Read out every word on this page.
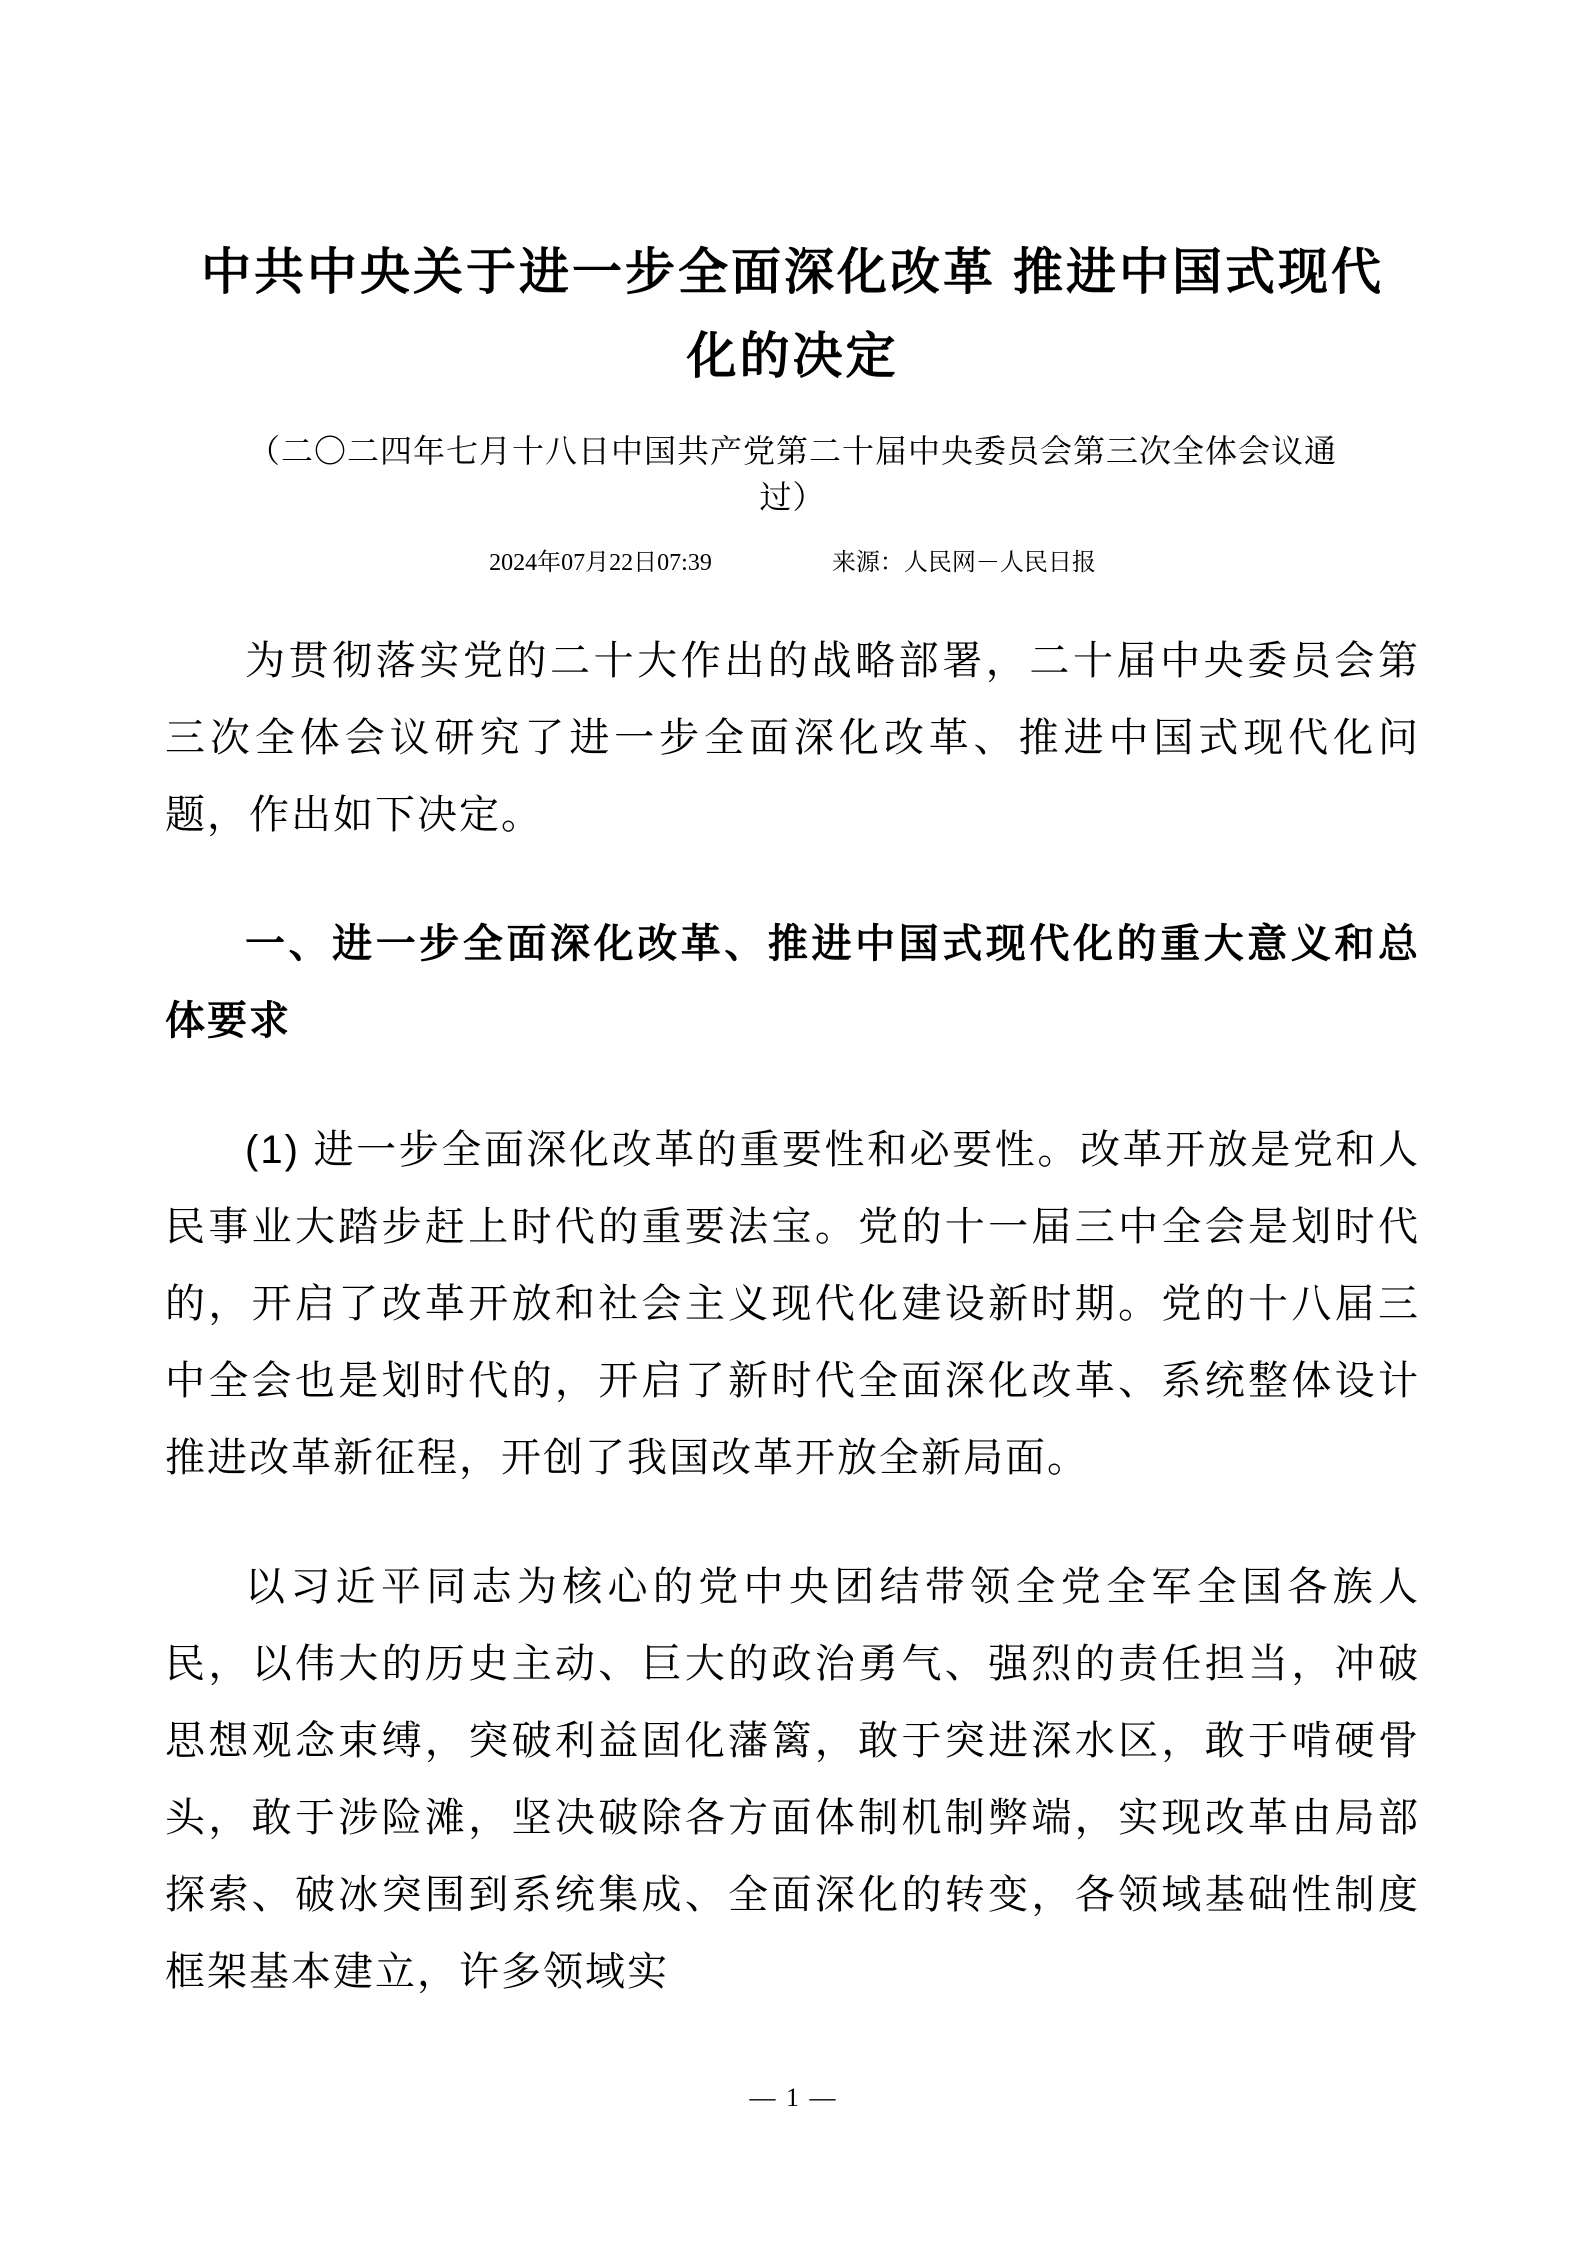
中共中央关于进一步全面深化改革 推进中国式现代化的决定

（二〇二四年七月十八日中国共产党第二十届中央委员会第三次全体会议通过）

2024年07月22日07:39	来源：人民网－人民日报

为贯彻落实党的二十大作出的战略部署，二十届中央委员会第三次全体会议研究了进一步全面深化改革、推进中国式现代化问题，作出如下决定。

一、进一步全面深化改革、推进中国式现代化的重大意义和总体要求

(1) 进一步全面深化改革的重要性和必要性。改革开放是党和人民事业大踏步赶上时代的重要法宝。党的十一届三中全会是划时代的，开启了改革开放和社会主义现代化建设新时期。党的十八届三中全会也是划时代的，开启了新时代全面深化改革、系统整体设计推进改革新征程，开创了我国改革开放全新局面。

以习近平同志为核心的党中央团结带领全党全军全国各族人民，以伟大的历史主动、巨大的政治勇气、强烈的责任担当，冲破思想观念束缚，突破利益固化藩篱，敢于突进深水区，敢于啃硬骨头，敢于涉险滩，坚决破除各方面体制机制弊端，实现改革由局部探索、破冰突围到系统集成、全面深化的转变，各领域基础性制度框架基本建立，许多领域实

— 1 —
